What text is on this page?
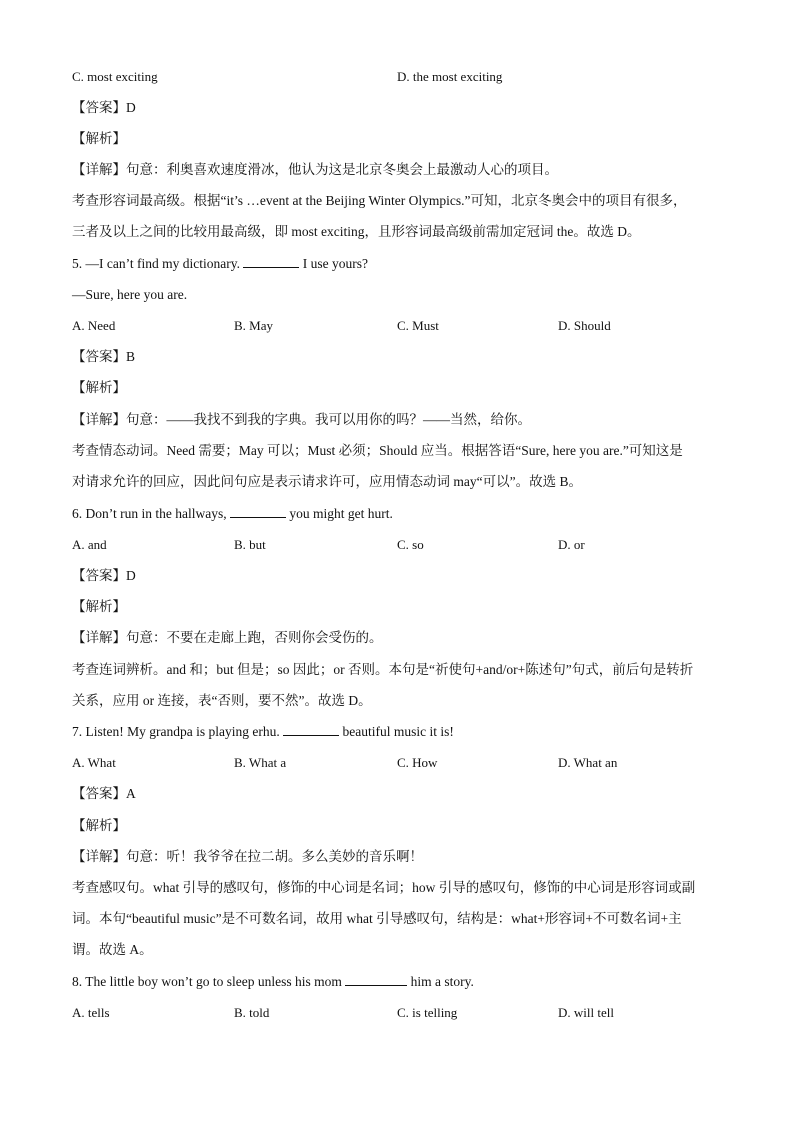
C. most exciting	D. the most exciting
【答案】D
【解析】
【详解】句意：利奥喜欢速度滑冰，他认为这是北京冬奥会上最激动人心的项目。
考查形容词最高级。根据“it’s …event at the Beijing Winter Olympics.”可知，北京冬奥会中的项目有很多，
三者及以上之间的比较用最高级，即 most exciting，且形容词最高级前需加定冠词 the。故选 D。
5. —I can’t find my dictionary.	I use yours?
—Sure, here you are.
A. Need	B. May	C. Must	D. Should
【答案】B
【解析】
【详解】句意：——我找不到我的字典。我可以用你的吗？——当然，给你。
考查情态动词。Need 需要；May 可以；Must 必须；Should 应当。根据答语“Sure, here you are.”可知这是
对请求允许的回应，因此问句应是表示请求许可，应用情态动词 may“可以”。故选 B。
6. Don’t run in the hallways,	you might get hurt.
A. and	B. but	C. so	D. or
【答案】D
【解析】
【详解】句意：不要在走廊上跑，否则你会受伤的。
考查连词辨析。and 和；but 但是；so 因此；or 否则。本句是“祈使句+and/or+陈述句”句式，前后句是转折
关系，应用 or 连接，表“否则，要不然”。故选 D。
7. Listen! My grandpa is playing erhu.	beautiful music it is!
A. What	B. What a	C. How	D. What an
【答案】A
【解析】
【详解】句意：听！我爷爷在拉二胡。多么美妙的音乐啊！
考查感叹句。what 引导的感叹句，修饰的中心词是名词；how 引导的感叹句，修饰的中心词是形容词或副
词。本句“beautiful music”是不可数名词，故用 what 引导感叹句，结构是：what+形容词+不可数名词+主
谓。故选 A。
8. The little boy won’t go to sleep unless his mom	him a story.
A. tells	B. told	C. is telling	D. will tell
